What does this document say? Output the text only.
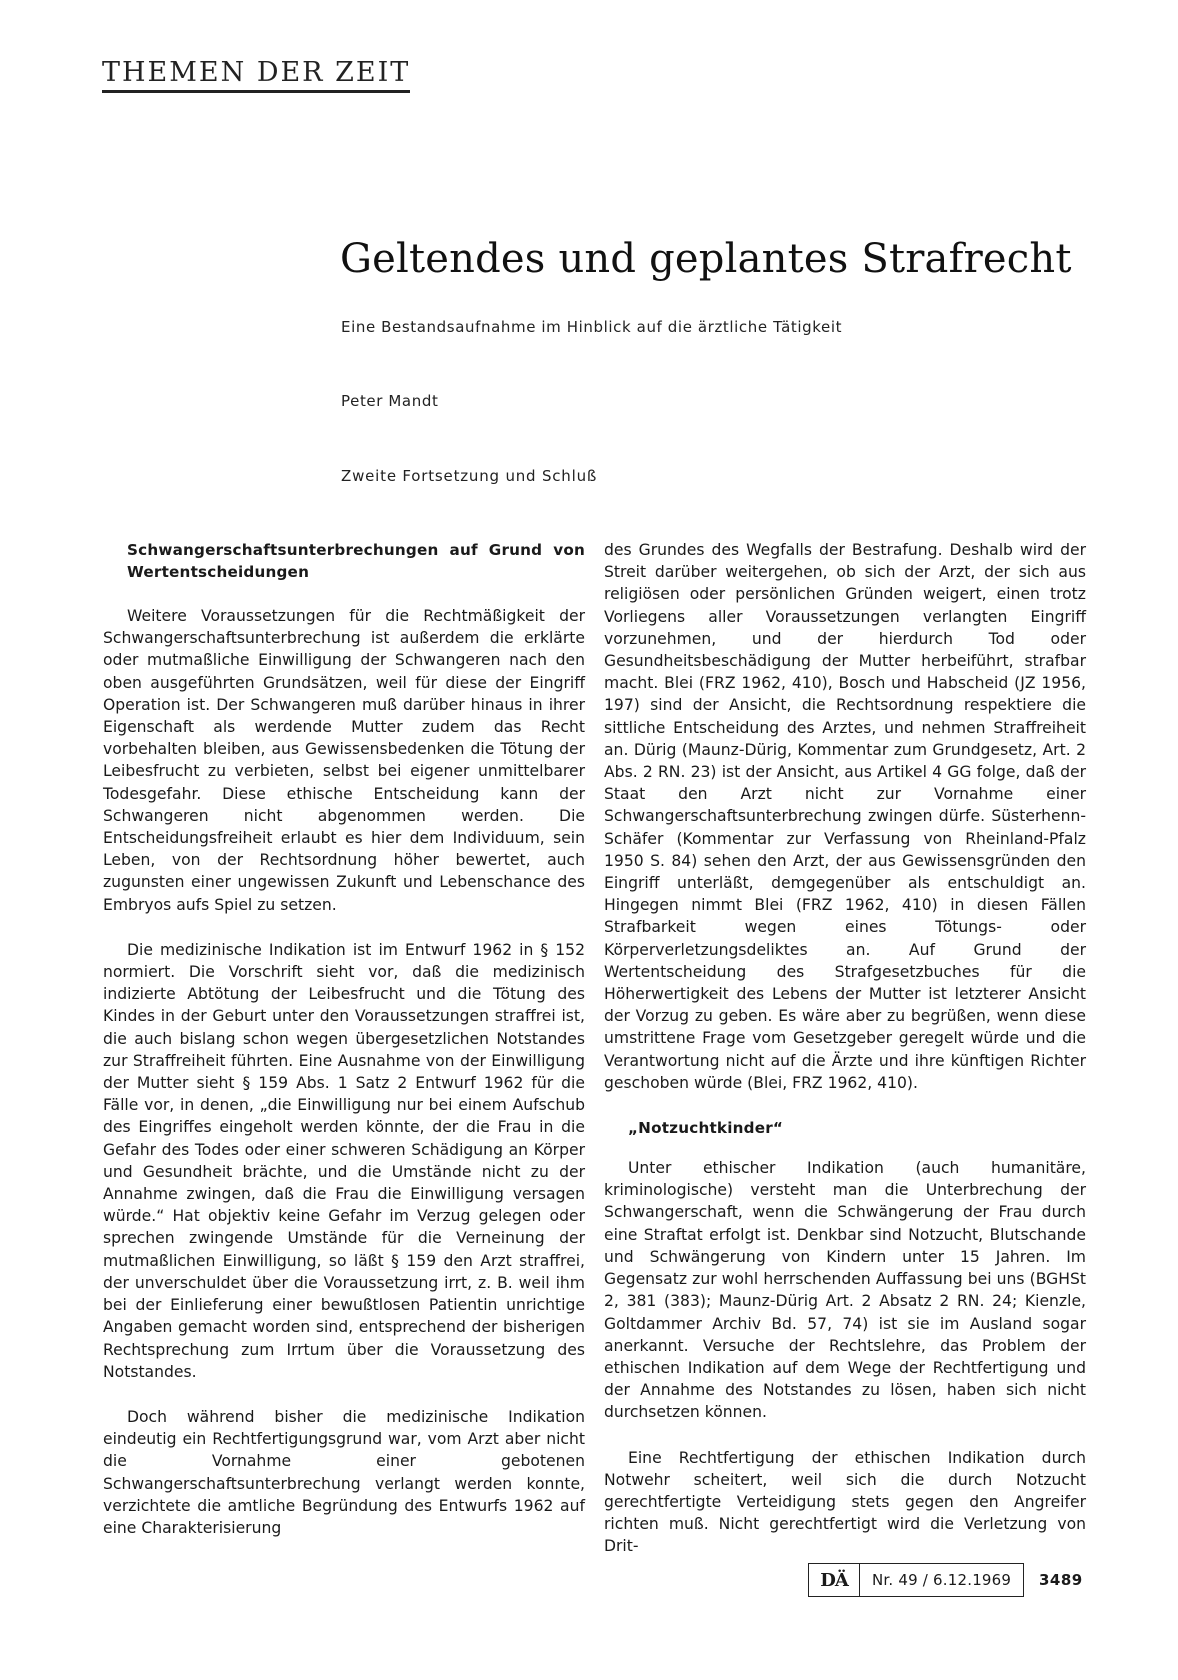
THEMEN DER ZEIT
Geltendes und geplantes Strafrecht
Eine Bestandsaufnahme im Hinblick auf die ärztliche Tätigkeit
Peter Mandt
Zweite Fortsetzung und Schluß
Schwangerschaftsunterbrechungen auf Grund von Wertentscheidungen

Weitere Voraussetzungen für die Rechtmäßigkeit der Schwangerschaftsunterbrechung ist außerdem die erklärte oder mutmaßliche Einwilligung der Schwangeren nach den oben ausgeführten Grundsätzen, weil für diese der Eingriff Operation ist. Der Schwangeren muß darüber hinaus in ihrer Eigenschaft als werdende Mutter zudem das Recht vorbehalten bleiben, aus Gewissensbedenken die Tötung der Leibesfrucht zu verbieten, selbst bei eigener unmittelbarer Todesgefahr. Diese ethische Entscheidung kann der Schwangeren nicht abgenommen werden. Die Entscheidungsfreiheit erlaubt es hier dem Individuum, sein Leben, von der Rechtsordnung höher bewertet, auch zugunsten einer ungewissen Zukunft und Lebenschance des Embryos aufs Spiel zu setzen.

Die medizinische Indikation ist im Entwurf 1962 in § 152 normiert. Die Vorschrift sieht vor, daß die medizinisch indizierte Abtötung der Leibesfrucht und die Tötung des Kindes in der Geburt unter den Voraussetzungen straffrei ist, die auch bislang schon wegen übergesetzlichen Notstandes zur Straffreiheit führten. Eine Ausnahme von der Einwilligung der Mutter sieht § 159 Abs. 1 Satz 2 Entwurf 1962 für die Fälle vor, in denen, „die Einwilligung nur bei einem Aufschub des Eingriffes eingeholt werden könnte, der die Frau in die Gefahr des Todes oder einer schweren Schädigung an Körper und Gesundheit brächte, und die Umstände nicht zu der Annahme zwingen, daß die Frau die Einwilligung versagen würde.“ Hat objektiv keine Gefahr im Verzug gelegen oder sprechen zwingende Umstände für die Verneinung der mutmaßlichen Einwilligung, so läßt § 159 den Arzt straffrei, der unverschuldet über die Voraussetzung irrt, z. B. weil ihm bei der Einlieferung einer bewußtlosen Patientin unrichtige Angaben gemacht worden sind, entsprechend der bisherigen Rechtsprechung zum Irrtum über die Voraussetzung des Notstandes.

Doch während bisher die medizinische Indikation eindeutig ein Rechtfertigungsgrund war, vom Arzt aber nicht die Vornahme einer gebotenen Schwangerschaftsunterbrechung verlangt werden konnte, verzichtete die amtliche Begründung des Entwurfs 1962 auf eine Charakterisierung

des Grundes des Wegfalls der Bestrafung. Deshalb wird der Streit darüber weitergehen, ob sich der Arzt, der sich aus religiösen oder persönlichen Gründen weigert, einen trotz Vorliegens aller Voraussetzungen verlangten Eingriff vorzunehmen, und der hierdurch Tod oder Gesundheitsbeschädigung der Mutter herbeiführt, strafbar macht. Blei (FRZ 1962, 410), Bosch und Habscheid (JZ 1956, 197) sind der Ansicht, die Rechtsordnung respektiere die sittliche Entscheidung des Arztes, und nehmen Straffreiheit an. Dürig (Maunz-Dürig, Kommentar zum Grundgesetz, Art. 2 Abs. 2 RN. 23) ist der Ansicht, aus Artikel 4 GG folge, daß der Staat den Arzt nicht zur Vornahme einer Schwangerschaftsunterbrechung zwingen dürfe. Süsterhenn-Schäfer (Kommentar zur Verfassung von Rheinland-Pfalz 1950 S. 84) sehen den Arzt, der aus Gewissensgründen den Eingriff unterläßt, demgegenüber als entschuldigt an. Hingegen nimmt Blei (FRZ 1962, 410) in diesen Fällen Strafbarkeit wegen eines Tötungs- oder Körperverletzungsdeliktes an. Auf Grund der Wertentscheidung des Strafgesetzbuches für die Höherwertigkeit des Lebens der Mutter ist letzterer Ansicht der Vorzug zu geben. Es wäre aber zu begrüßen, wenn diese umstrittene Frage vom Gesetzgeber geregelt würde und die Verantwortung nicht auf die Ärzte und ihre künftigen Richter geschoben würde (Blei, FRZ 1962, 410).

„Notzuchtkinder“

Unter ethischer Indikation (auch humanitäre, kriminologische) versteht man die Unterbrechung der Schwangerschaft, wenn die Schwängerung der Frau durch eine Straftat erfolgt ist. Denkbar sind Notzucht, Blutschande und Schwängerung von Kindern unter 15 Jahren. Im Gegensatz zur wohl herrschenden Auffassung bei uns (BGHSt 2, 381 (383); Maunz-Dürig Art. 2 Absatz 2 RN. 24; Kienzle, Goltdammer Archiv Bd. 57, 74) ist sie im Ausland sogar anerkannt. Versuche der Rechtslehre, das Problem der ethischen Indikation auf dem Wege der Rechtfertigung und der Annahme des Notstandes zu lösen, haben sich nicht durchsetzen können.

Eine Rechtfertigung der ethischen Indikation durch Notwehr scheitert, weil sich die durch Notzucht gerechtfertigte Verteidigung stets gegen den Angreifer richten muß. Nicht gerechtfertigt wird die Verletzung von Drit-

DÄ	Nr. 49 / 6.12.1969	3489
